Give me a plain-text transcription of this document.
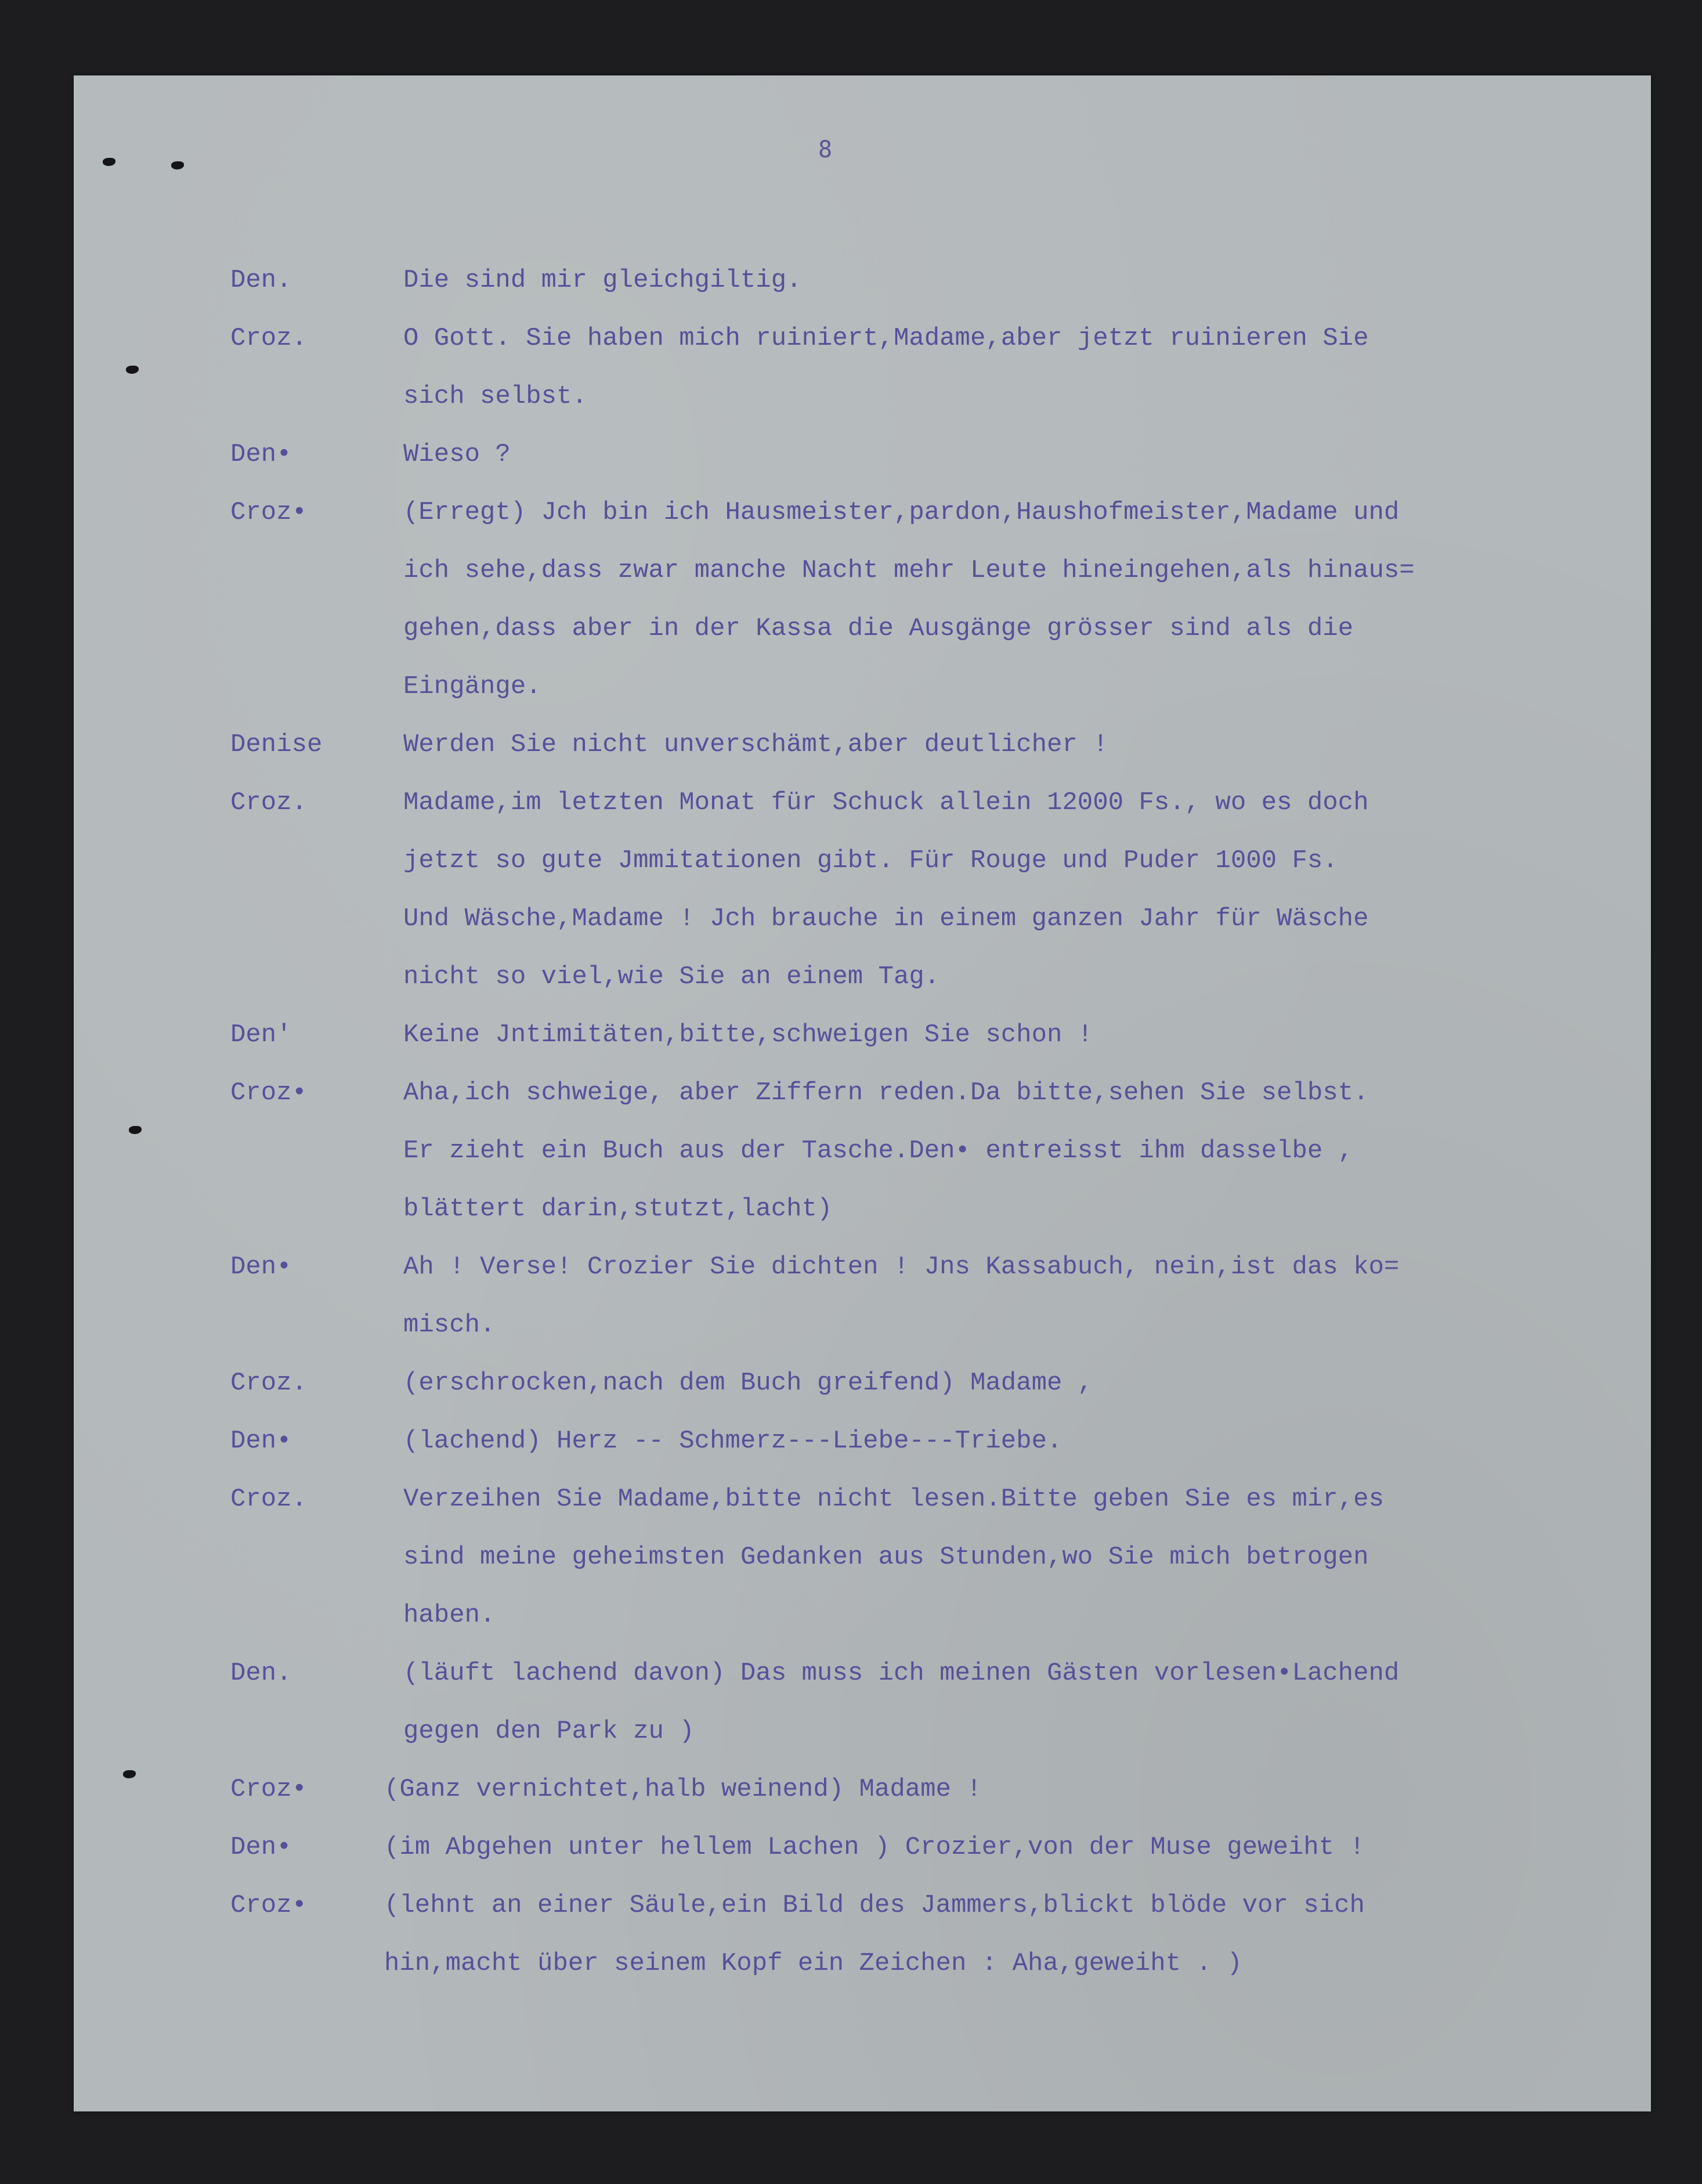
8
Den.	Die sind mir gleichgiltig.
Croz.	O Gott. Sie haben mich ruiniert,Madame,aber jetzt ruinieren Sie
sich selbst.
Den•	Wieso ?
Croz•	(Erregt) Jch bin ich Hausmeister,pardon,Haushofmeister,Madame und
ich sehe,dass zwar manche Nacht mehr Leute hineingehen,als hinaus=
gehen,dass aber in der Kassa die Ausgänge grösser sind als die
Eingänge.
Denise	Werden Sie nicht unverschämt,aber deutlicher !
Croz.	Madame,im letzten Monat für Schuck allein 12000 Fs., wo es doch
jetzt so gute Jmmitationen gibt. Für Rouge und Puder 1000 Fs.
Und Wäsche,Madame ! Jch brauche in einem ganzen Jahr für Wäsche
nicht so viel,wie Sie an einem Tag.
Den'	Keine Jntimitäten,bitte,schweigen Sie schon !
Croz•	Aha,ich schweige, aber Ziffern reden.Da bitte,sehen Sie selbst.
Er zieht ein Buch aus der Tasche.Den• entreisst ihm dasselbe ,
blättert darin,stutzt,lacht)
Den•	Ah ! Verse! Crozier Sie dichten ! Jns Kassabuch, nein,ist das ko=
misch.
Croz.	(erschrocken,nach dem Buch greifend) Madame ,
Den•	(lachend) Herz -- Schmerz---Liebe---Triebe.
Croz.	Verzeihen Sie Madame,bitte nicht lesen.Bitte geben Sie es mir,es
sind meine geheimsten Gedanken aus Stunden,wo Sie mich betrogen
haben.
Den.	(läuft lachend davon) Das muss ich meinen Gästen vorlesen•Lachend
gegen den Park zu )
Croz•	(Ganz vernichtet,halb weinend) Madame !
Den•	(im Abgehen unter hellem Lachen ) Crozier,von der Muse geweiht !
Croz•	(lehnt an einer Säule,ein Bild des Jammers,blickt blöde vor sich
hin,macht über seinem Kopf ein Zeichen : Aha,geweiht . )
